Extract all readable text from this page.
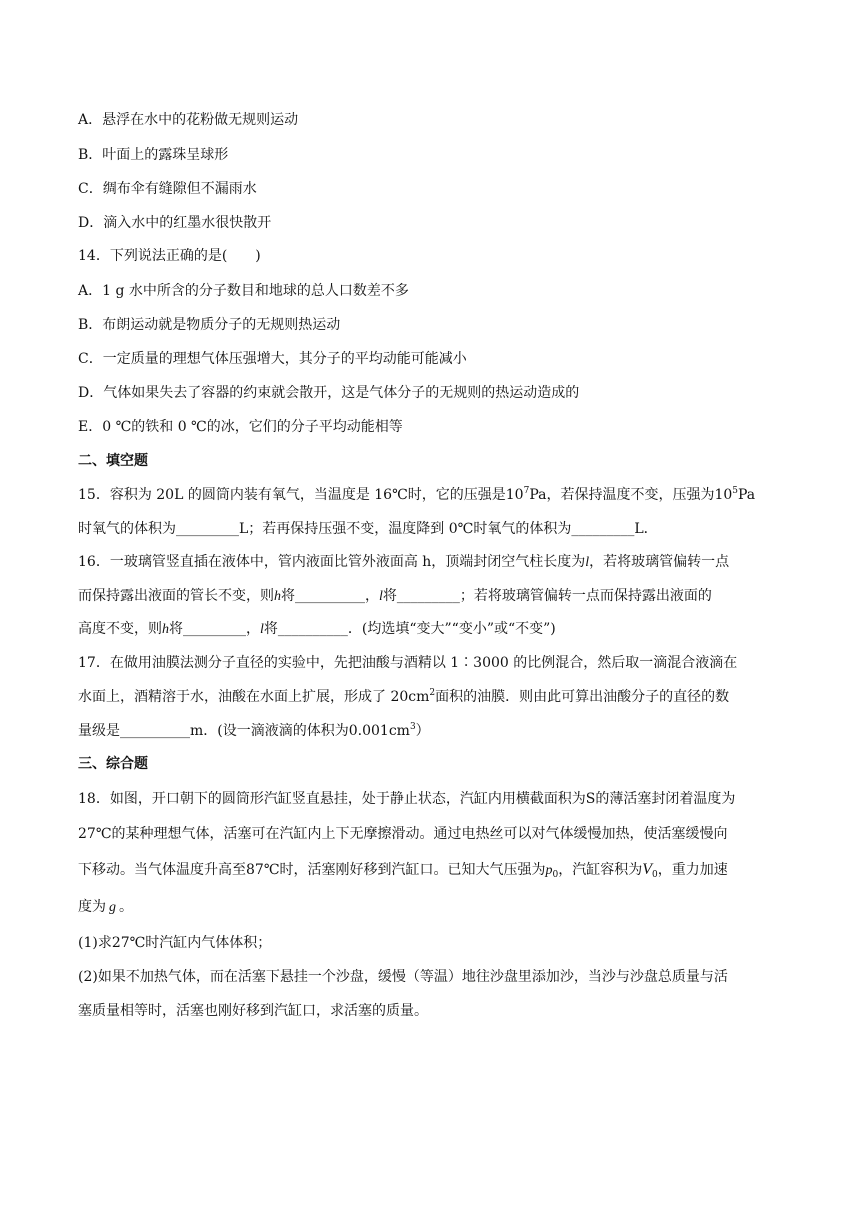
A．悬浮在水中的花粉做无规则运动
B．叶面上的露珠呈球形
C．绸布伞有缝隙但不漏雨水
D．滴入水中的红墨水很快散开
14．下列说法正确的是(　　)
A．1 g 水中所含的分子数目和地球的总人口数差不多
B．布朗运动就是物质分子的无规则热运动
C．一定质量的理想气体压强增大，其分子的平均动能可能减小
D．气体如果失去了容器的约束就会散开，这是气体分子的无规则的热运动造成的
E．0 ℃的铁和 0 ℃的冰，它们的分子平均动能相等
二、填空题
15．容积为 20L 的圆筒内装有氧气，当温度是 16℃时，它的压强是$10^7Pa$，若保持温度不变，压强为$10^5Pa$
时氧气的体积为_________L；若再保持压强不变，温度降到 0℃时氧气的体积为_________L．
16．一玻璃管竖直插在液体中，管内液面比管外液面高 h，顶端封闭空气柱长度为l，若将玻璃管偏转一点
而保持露出液面的管长不变，则h将__________，l将_________；若将玻璃管偏转一点而保持露出液面的
高度不变，则h将_________，l将__________．(均选填“变大”“变小”或“不变”)
17．在做用油膜法测分子直径的实验中，先把油酸与酒精以 1∶3000 的比例混合，然后取一滴混合液滴在
水面上，酒精溶于水，油酸在水面上扩展，形成了 $20cm^2$面积的油膜．则由此可算出油酸分子的直径的数
量级是__________m．(设一滴液滴的体积为$0.001cm^3$）
三、综合题
18．如图，开口朝下的圆筒形汽缸竖直悬挂，处于静止状态，汽缸内用横截面积为S的薄活塞封闭着温度为
27℃的某种理想气体，活塞可在汽缸内上下无摩擦滑动。通过电热丝可以对气体缓慢加热，使活塞缓慢向
下移动。当气体温度升高至87℃时，活塞刚好移到汽缸口。已知大气压强为$p_0$，汽缸容积为$V_0$，重力加速
度为 g 。
(1)求27℃时汽缸内气体体积；
(2)如果不加热气体，而在活塞下悬挂一个沙盘，缓慢（等温）地往沙盘里添加沙，当沙与沙盘总质量与活
塞质量相等时，活塞也刚好移到汽缸口，求活塞的质量。
